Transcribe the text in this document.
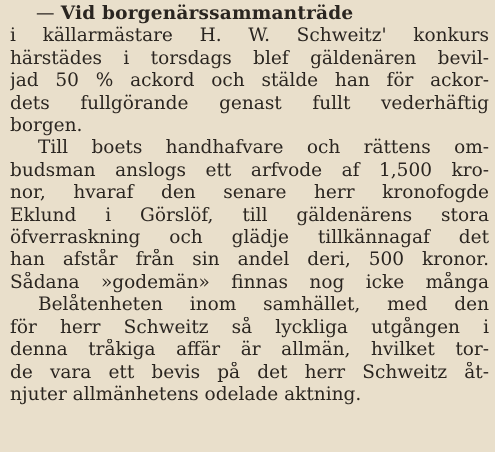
— Vid borgenärssammanträde
i källarmästare H. W. Schweitz' konkurs
härstädes i torsdags blef gäldenären bevil-
jad 50 % ackord och stälde han för ackor-
dets fullgörande genast fullt vederhäftig
borgen.
Till boets handhafvare och rättens om-
budsman anslogs ett arfvode af 1,500 kro-
nor, hvaraf den senare herr kronofogde
Eklund i Görslöf, till gäldenärens stora
öfverraskning och glädje tillkännagaf det
han afstår från sin andel deri, 500 kronor.
Sådana »godemän» finnas nog icke många
Belåtenheten inom samhället, med den
för herr Schweitz så lyckliga utgången i
denna tråkiga affär är allmän, hvilket tor-
de vara ett bevis på det herr Schweitz åt-
njuter allmänhetens odelade aktning.
